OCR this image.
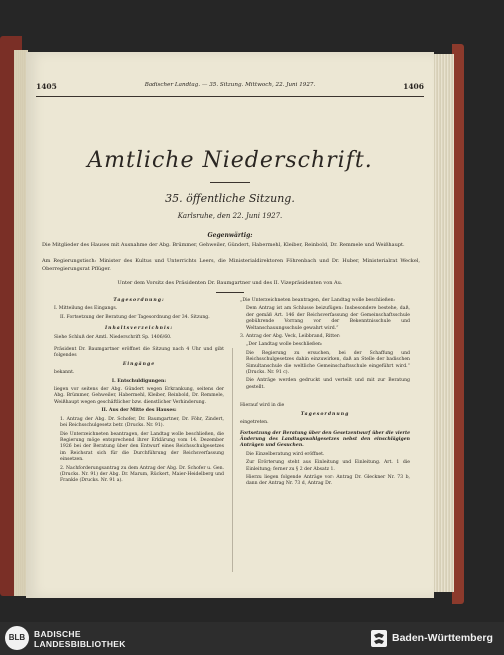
1405	Badischer Landtag. — 35. Sitzung. Mittwoch, 22. Juni 1927.	1406
Amtliche Niederschrift.
35. öffentliche Sitzung.
Karlsruhe, den 22. Juni 1927.
Gegenwärtig:
Die Mitglieder des Hauses mit Ausnahme der Abg. Brümmer, Gehweiler, Gündert, Habermehl, Kleiber, Reinbold, Dr. Remmele und Weißhaupt.
Am Regierungstisch: Minister des Kultus und Unterrichts Leers, die Ministerialdirektoren Föhrenbach und Dr. Huber, Ministerialrat Weckel, Oberregierungsrat Pflüger.
Unter dem Vorsitz des Präsidenten Dr. Baumgartner und des II. Vizepräsidenten von Au.

Tagesordnung:

I. Mitteilung des Eingangs.

II. Fortsetzung der Beratung der Tagesordnung der 34. Sitzung.

Inhaltsverzeichnis:

Siehe Schluß der Amtl. Niederschrift Sp. 1406/60.

Präsident Dr. Baumgartner eröffnet die Sitzung nach 4 Uhr und gibt folgendes

Eingänge

bekannt.

I. Entschuldigungen:

liegen vor seitens der Abg. Gündert wegen Erkrankung, seitens der Abg. Brümmer, Gehweiler, Habermehl, Kleiber, Reinbold, Dr. Remmele, Weißhaupt wegen geschäftlicher bzw. dienstlicher Verhinderung.

II. Aus der Mitte des Hauses:

1. Antrag der Abg. Dr. Schofer, Dr. Baumgartner, Dr. Föhr, Zindert, bei Reichsschulgesetz betr. (Drucks. Nr. 91).

Die Unterzeichneten beantragen, der Landtag wolle beschließen, die Regierung möge entsprechend ihrer Erklärung vom 14. Dezember 1926 bei der Beratung über den Entwurf eines Reichsschulgesetzes im Reichsrat sich für die Durchführung der Reichsverfassung einsetzen.

2. Nachforderungsantrag zu dem Antrag der Abg. Dr. Schofer u. Gen. (Drucks. Nr. 91) der Abg. Dr. Marum, Rückert, Maier-Heidelberg und Frankle (Drucks. Nr. 91 a).

„Die Unterzeichneten beantragen, der Landtag wolle beschließen:

Dem Antrag ist am Schlusse beizufügen: Insbesondere bestehe, daß, der gemäß Art. 146 der Reichsverfassung der Gemeinschaftsschule gebührende Vorrang vor der Bekenntnisschule und Weltanschauungsschule gewahrt wird.“

3. Antrag der Abg. Veck, Leibbrand, Ritter:

„Der Landtag wolle beschließen:

Die Regierung zu ersuchen, bei der Schaffung und Reichsschulgesetzes dahin einzuwirken, daß an Stelle der badischen Simultanschule die weltliche Gemeinschaftsschule eingeführt wird.“ (Drucks. Nr. 91 c).

Die Anträge werden gedruckt und verteilt und mit zur Beratung gestellt.

Hierauf wird in die

Tagesordnung

eingetreten.

Fortsetzung der Beratung über den Gesetzentwurf über die vierte Änderung des Landtagswahlgesetzes nebst den einschlägigen Anträgen und Gesuchen.

Die Einzelberatung wird eröffnet.

Zur Erörterung steht aus Einleitung und Einleitung. Art. 1 die Einleitung; ferner zu § 2 der Absatz 1.

Hierzu liegen folgende Anträge vor: Antrag Dr. Gleckner Nr. 73 b, dann der Antrag Nr. 73 d, Antrag Dr.

BLB	BADISCHE
LANDESBIBLIOTHEK	Baden-Württemberg
